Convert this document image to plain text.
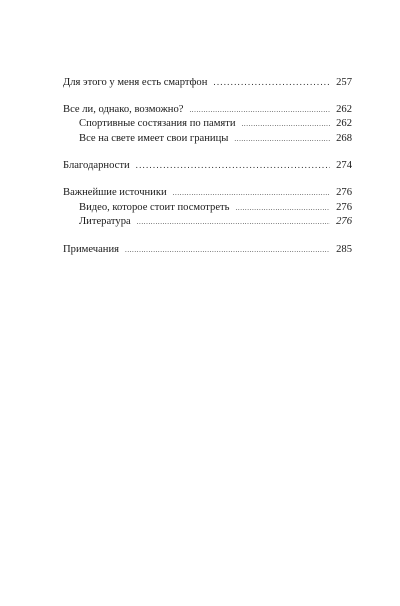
Для этого у меня есть смартфон .....	257
Все ли, однако, возможно? .....	262
Спортивные состязания по памяти .....	262
Все на свете имеет свои границы .....	268
Благодарности .....	274
Важнейшие источники .....	276
Видео, которое стоит посмотреть .....	276
Литература .....	276
Примечания .....	285
